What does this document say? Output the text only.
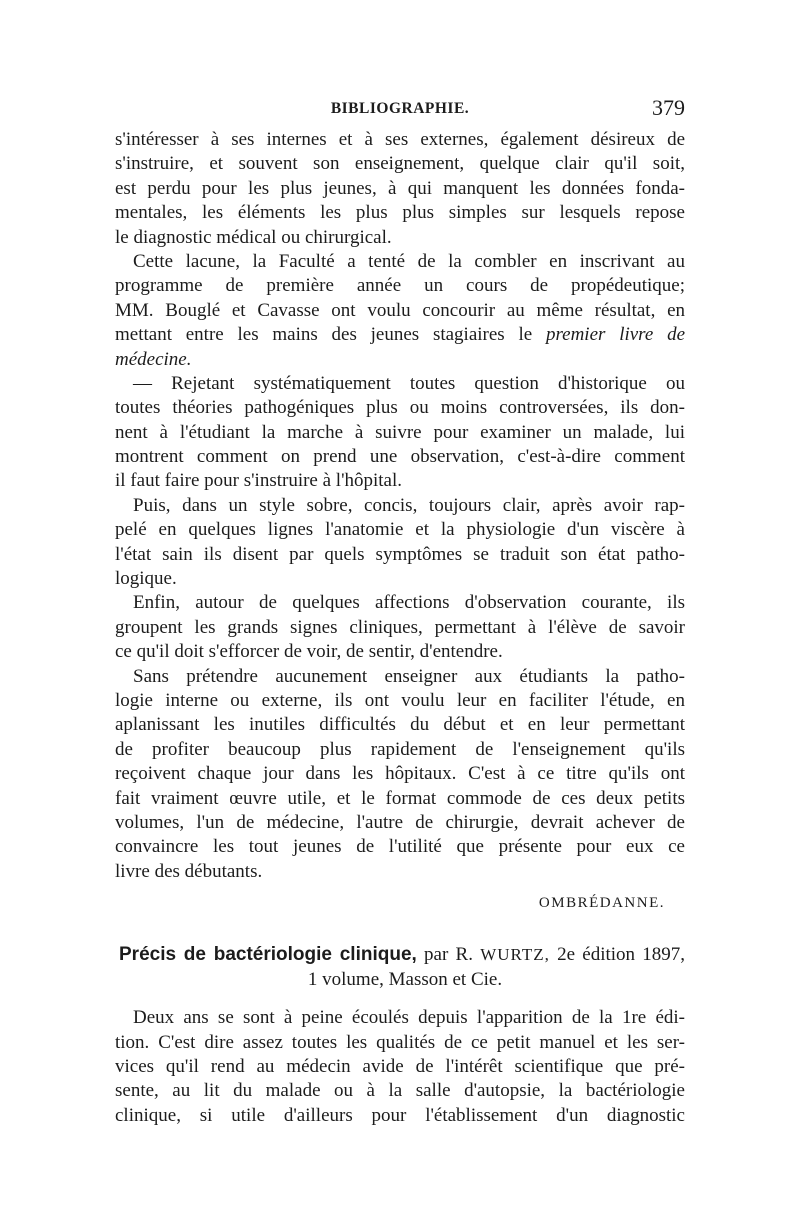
BIBLIOGRAPHIE.	379
s'intéresser à ses internes et à ses externes, également désireux de
s'instruire, et souvent son enseignement, quelque clair qu'il soit,
est perdu pour les plus jeunes, à qui manquent les données fonda-
mentales, les éléments les plus plus simples sur lesquels repose
le diagnostic médical ou chirurgical.
Cette lacune, la Faculté a tenté de la combler en inscrivant au
programme de première année un cours de propédeutique;
MM. Bouglé et Cavasse ont voulu concourir au même résultat, en
mettant entre les mains des jeunes stagiaires le premier livre de
médecine.
— Rejetant systématiquement toutes question d'historique ou
toutes théories pathogéniques plus ou moins controversées, ils don-
nent à l'étudiant la marche à suivre pour examiner un malade, lui
montrent comment on prend une observation, c'est-à-dire comment
il faut faire pour s'instruire à l'hôpital.
Puis, dans un style sobre, concis, toujours clair, après avoir rap-
pelé en quelques lignes l'anatomie et la physiologie d'un viscère à
l'état sain ils disent par quels symptômes se traduit son état patho-
logique.
Enfin, autour de quelques affections d'observation courante, ils
groupent les grands signes cliniques, permettant à l'élève de savoir
ce qu'il doit s'efforcer de voir, de sentir, d'entendre.
Sans prétendre aucunement enseigner aux étudiants la patho-
logie interne ou externe, ils ont voulu leur en faciliter l'étude, en
aplanissant les inutiles difficultés du début et en leur permettant
de profiter beaucoup plus rapidement de l'enseignement qu'ils
reçoivent chaque jour dans les hôpitaux. C'est à ce titre qu'ils ont
fait vraiment œuvre utile, et le format commode de ces deux petits
volumes, l'un de médecine, l'autre de chirurgie, devrait achever de
convaincre les tout jeunes de l'utilité que présente pour eux ce
livre des débutants.
OMBRÉDANNE.
Précis de bactériologie clinique, par R. WURTZ, 2e édition 1897,
1 volume, Masson et Cie.
Deux ans se sont à peine écoulés depuis l'apparition de la 1re édi-
tion. C'est dire assez toutes les qualités de ce petit manuel et les ser-
vices qu'il rend au médecin avide de l'intérêt scientifique que pré-
sente, au lit du malade ou à la salle d'autopsie, la bactériologie
clinique, si utile d'ailleurs pour l'établissement d'un diagnostic
